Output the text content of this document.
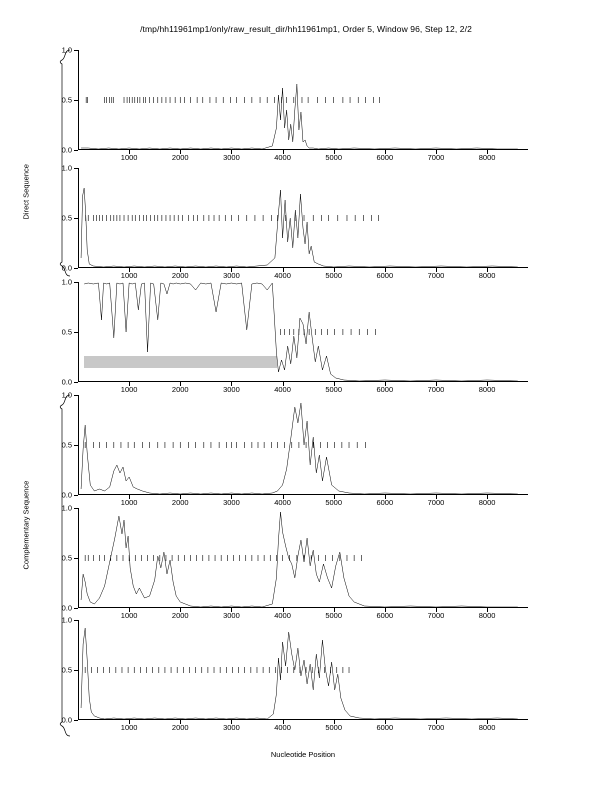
/tmp/hh11961mp1/only/raw_result_dir/hh11961mp1, Order 5, Window 96, Step 12, 2/2
Direct Sequence
Complementary Sequence
0.0
0.5
1.0
1000	2000	3000	4000	5000	6000	7000	8000
0.0
0.5
1.0
1000	2000	3000	4000	5000	6000	7000	8000
0.0
0.5
1.0
1000	2000	3000	4000	5000	6000	7000	8000
0.0
0.5
1.0
1000	2000	3000	4000	5000	6000	7000	8000
0.0
0.5
1.0
1000	2000	3000	4000	5000	6000	7000	8000
0.0
0.5
1.0
1000	2000	3000	4000	5000	6000	7000	8000
Nucleotide Position
